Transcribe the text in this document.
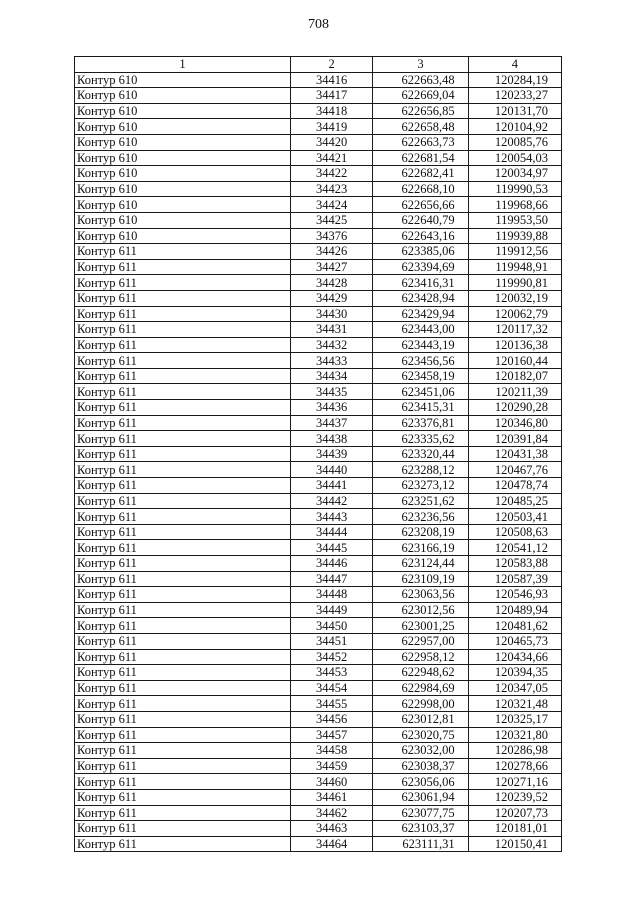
708
1	2	3	4
Контур 610	34416	622663,48	120284,19
Контур 610	34417	622669,04	120233,27
Контур 610	34418	622656,85	120131,70
Контур 610	34419	622658,48	120104,92
Контур 610	34420	622663,73	120085,76
Контур 610	34421	622681,54	120054,03
Контур 610	34422	622682,41	120034,97
Контур 610	34423	622668,10	119990,53
Контур 610	34424	622656,66	119968,66
Контур 610	34425	622640,79	119953,50
Контур 610	34376	622643,16	119939,88
Контур 611	34426	623385,06	119912,56
Контур 611	34427	623394,69	119948,91
Контур 611	34428	623416,31	119990,81
Контур 611	34429	623428,94	120032,19
Контур 611	34430	623429,94	120062,79
Контур 611	34431	623443,00	120117,32
Контур 611	34432	623443,19	120136,38
Контур 611	34433	623456,56	120160,44
Контур 611	34434	623458,19	120182,07
Контур 611	34435	623451,06	120211,39
Контур 611	34436	623415,31	120290,28
Контур 611	34437	623376,81	120346,80
Контур 611	34438	623335,62	120391,84
Контур 611	34439	623320,44	120431,38
Контур 611	34440	623288,12	120467,76
Контур 611	34441	623273,12	120478,74
Контур 611	34442	623251,62	120485,25
Контур 611	34443	623236,56	120503,41
Контур 611	34444	623208,19	120508,63
Контур 611	34445	623166,19	120541,12
Контур 611	34446	623124,44	120583,88
Контур 611	34447	623109,19	120587,39
Контур 611	34448	623063,56	120546,93
Контур 611	34449	623012,56	120489,94
Контур 611	34450	623001,25	120481,62
Контур 611	34451	622957,00	120465,73
Контур 611	34452	622958,12	120434,66
Контур 611	34453	622948,62	120394,35
Контур 611	34454	622984,69	120347,05
Контур 611	34455	622998,00	120321,48
Контур 611	34456	623012,81	120325,17
Контур 611	34457	623020,75	120321,80
Контур 611	34458	623032,00	120286,98
Контур 611	34459	623038,37	120278,66
Контур 611	34460	623056,06	120271,16
Контур 611	34461	623061,94	120239,52
Контур 611	34462	623077,75	120207,73
Контур 611	34463	623103,37	120181,01
Контур 611	34464	623111,31	120150,41
